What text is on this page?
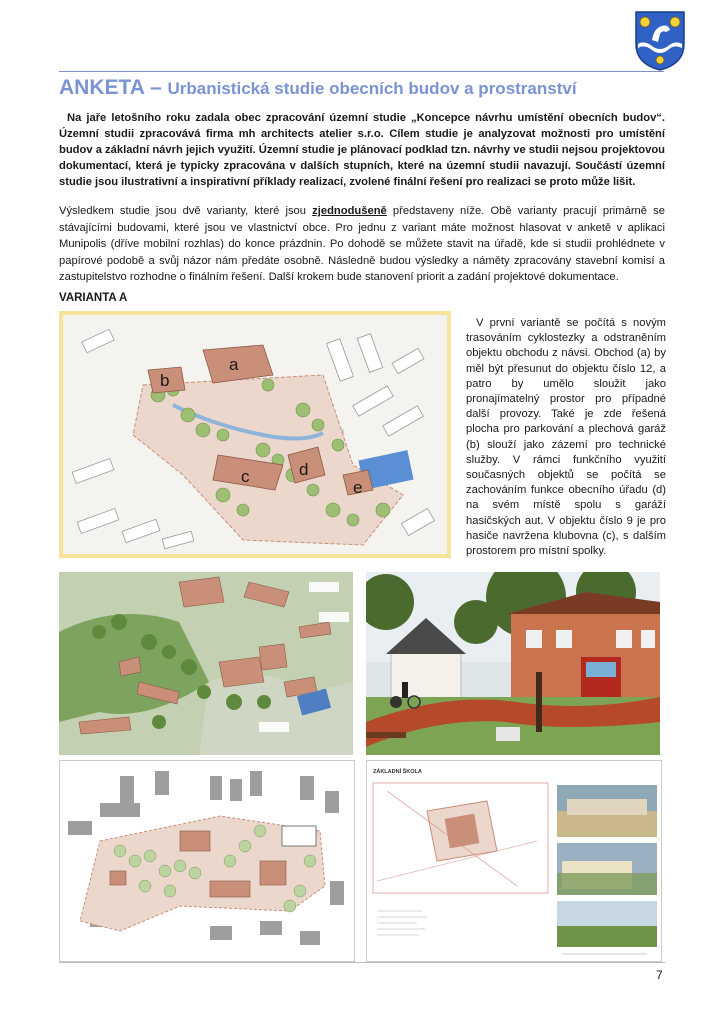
ANKETA – Urbanistická studie obecních budov a prostranství
Na jaře letošního roku zadala obec zpracování územní studie „Koncepce návrhu umístění obecních budov“. Územní studii zpracovává firma mh architects atelier s.r.o. Cílem studie je analyzovat možnosti pro umístění budov a základní návrh jejich využití. Územní studie je plánovací podklad tzn. návrhy ve studii nejsou projektovou dokumentací, která je typicky zpracována v dalších stupních, které na územní studii navazují. Součástí územní studie jsou ilustrativní a inspirativní příklady realizací, zvolené finální řešení pro realizaci se proto může lišit.
Výsledkem studie jsou dvě varianty, které jsou zjednodušeně představeny níže. Obě varianty pracují primárně se stávajícími budovami, které jsou ve vlastnictví obce. Pro jednu z variant máte možnost hlasovat v anketě v aplikaci Munipolis (dříve mobilní rozhlas) do konce prázdnin. Po dohodě se můžete stavit na úřadě, kde si studii prohlédnete v papírové podobě a svůj názor nám předáte osobně. Následně budou výsledky a náměty zpracovány stavební komisí a zastupitelstvo rozhodne o finálním řešení. Další krokem bude stanovení priorit a zadání projektové dokumentace.
VARIANTA A
a
b
c	d
e
V první variantě se počítá s novým trasováním cyklostezky a odstraněním objektu obchodu z návsi. Obchod (a) by měl být přesunut do objektu číslo 12, a patro by umělo sloužit jako pronajímatelný prostor pro případné další provozy. Také je zde řešená plocha pro parkování a plechová garáž (b) slouží jako zázemí pro technické služby. V rámci funkčního využití současných objektů se počítá se zachováním funkce obecního úřadu (d) na svém místě spolu s garáží hasičských aut. V objektu číslo 9 je pro hasiče navržena klubovna (c), s dalším prostorem pro místní spolky.
ZÁKLADNÍ ŠKOLA
7
